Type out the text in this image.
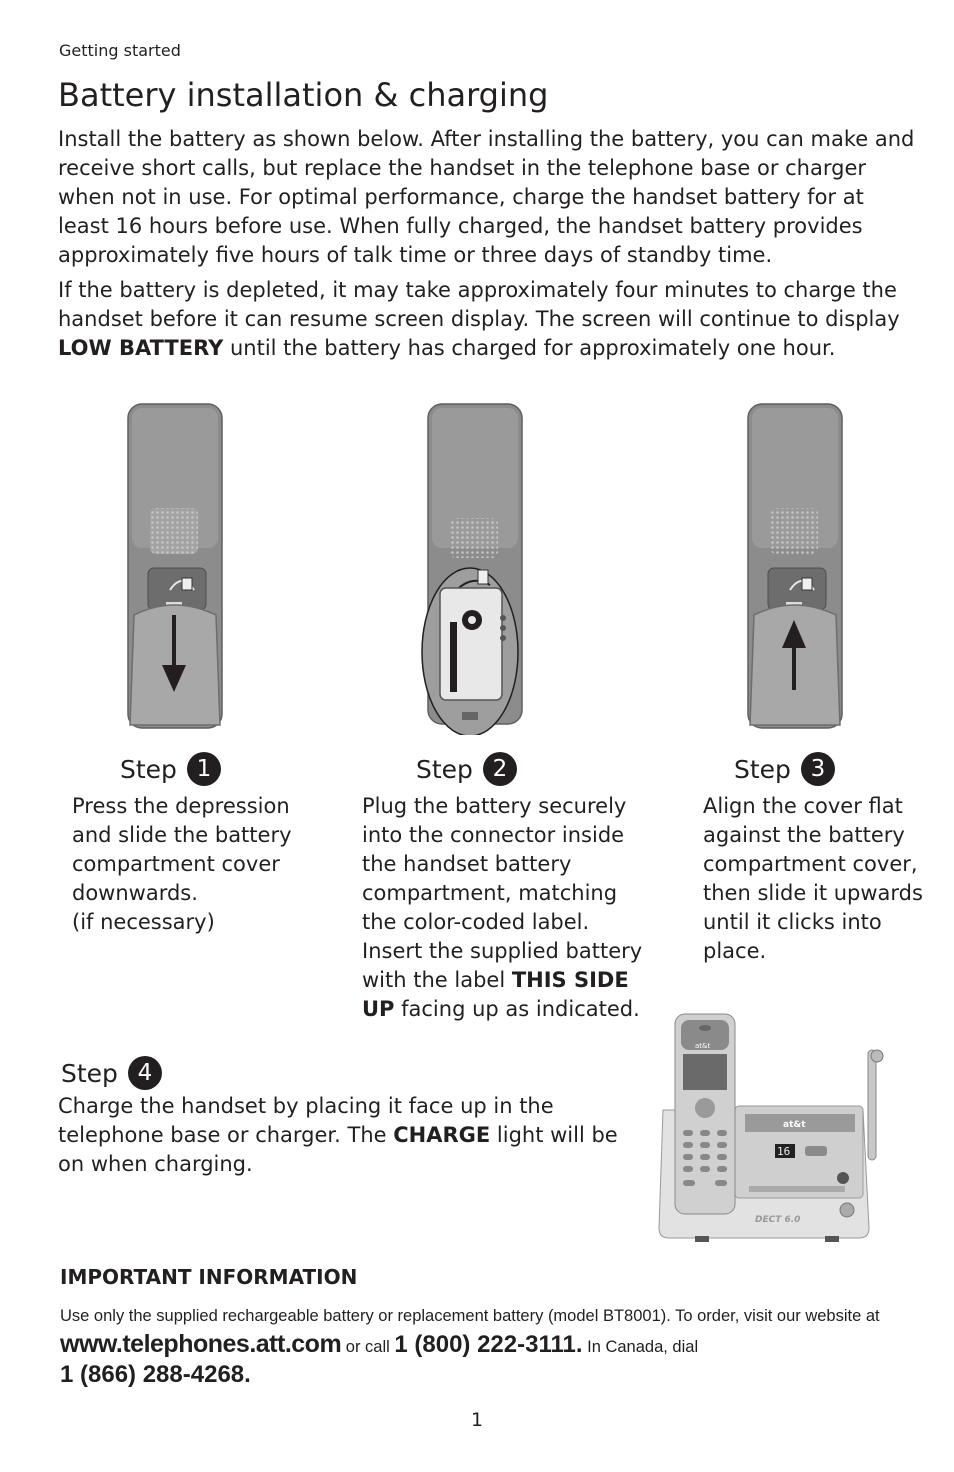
Getting started
Battery installation & charging

Install the battery as shown below. After installing the battery, you can make and receive short calls, but replace the handset in the telephone base or charger when not in use. For optimal performance, charge the handset battery for at least 16 hours before use. When fully charged, the handset battery provides approximately five hours of talk time or three days of standby time.

If the battery is depleted, it may take approximately four minutes to charge the handset before it can resume screen display. The screen will continue to display LOW BATTERY until the battery has charged for approximately one hour.

Step 1	Step 2	Step 3

Press the depression and slide the battery compartment cover downwards.
(if necessary)

Plug the battery securely into the connector inside the handset battery compartment, matching the color-coded label. Insert the supplied battery with the label THIS SIDE UP facing up as indicated.

Align the cover flat against the battery compartment cover, then slide it upwards until it clicks into place.

Step 4

Charge the handset by placing it face up in the telephone base or charger. The CHARGE light will be on when charging.

at&t
16
DECT 6.0
at&t
IMPORTANT INFORMATION

Use only the supplied rechargeable battery or replacement battery (model BT8001). To order, visit our website at www.telephones.att.com or call 1 (800) 222-3111. In Canada, dial
1 (866) 288-4268.

1
